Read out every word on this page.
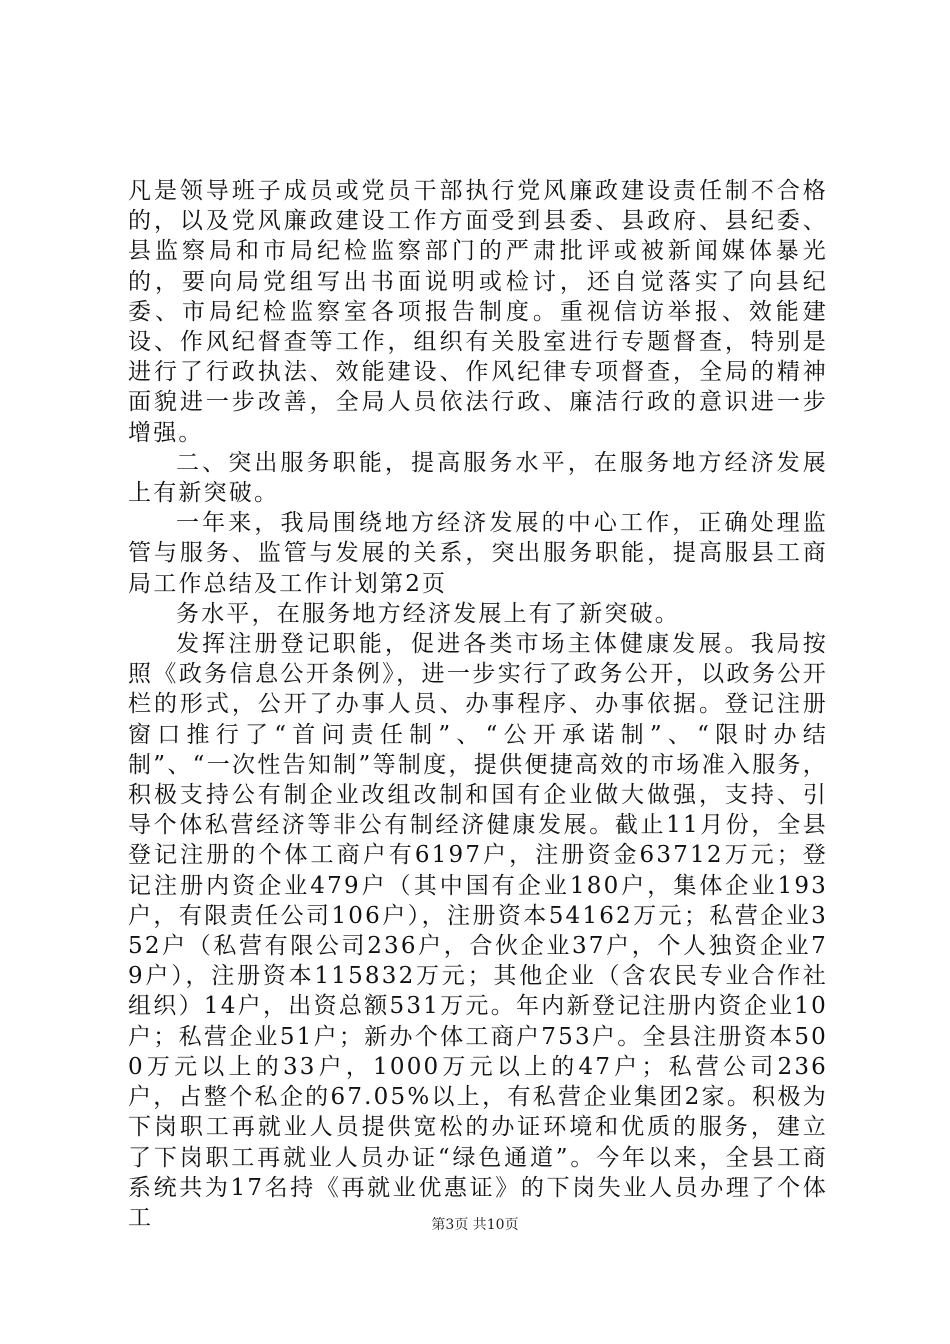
凡是领导班子成员或党员干部执行党风廉政建设责任制不合格的，以及党风廉政建设工作方面受到县委、县政府、县纪委、县监察局和市局纪检监察部门的严肃批评或被新闻媒体暴光的，要向局党组写出书面说明或检讨，还自觉落实了向县纪委、市局纪检监察室各项报告制度。重视信访举报、效能建设、作风纪督查等工作，组织有关股室进行专题督查，特别是进行了行政执法、效能建设、作风纪律专项督查，全局的精神面貌进一步改善，全局人员依法行政、廉洁行政的意识进一步增强。

二、突出服务职能，提高服务水平，在服务地方经济发展上有新突破。

一年来，我局围绕地方经济发展的中心工作，正确处理监管与服务、监管与发展的关系，突出服务职能，提高服县工商局工作总结及工作计划第2页

务水平，在服务地方经济发展上有了新突破。

发挥注册登记职能，促进各类市场主体健康发展。我局按照《政务信息公开条例》，进一步实行了政务公开，以政务公开栏的形式，公开了办事人员、办事程序、办事依据。登记注册窗口推行了“首问责任制”、“公开承诺制”、“限时办结制”、“一次性告知制”等制度，提供便捷高效的市场准入服务，积极支持公有制企业改组改制和国有企业做大做强，支持、引导个体私营经济等非公有制经济健康发展。截止11月份，全县登记注册的个体工商户有6197户，注册资金63712万元；登记注册内资企业479户（其中国有企业180户，集体企业193户，有限责任公司106户），注册资本54162万元；私营企业352户（私营有限公司236户，合伙企业37户，个人独资企业79户），注册资本115832万元；其他企业（含农民专业合作社组织）14户，出资总额531万元。年内新登记注册内资企业10户；私营企业51户；新办个体工商户753户。全县注册资本500万元以上的33户，1000万元以上的47户；私营公司236户，占整个私企的67.05%以上，有私营企业集团2家。积极为下岗职工再就业人员提供宽松的办证环境和优质的服务，建立了下岗职工再就业人员办证“绿色通道”。今年以来，全县工商系统共为17名持《再就业优惠证》的下岗失业人员办理了个体工	第3页 共10页
